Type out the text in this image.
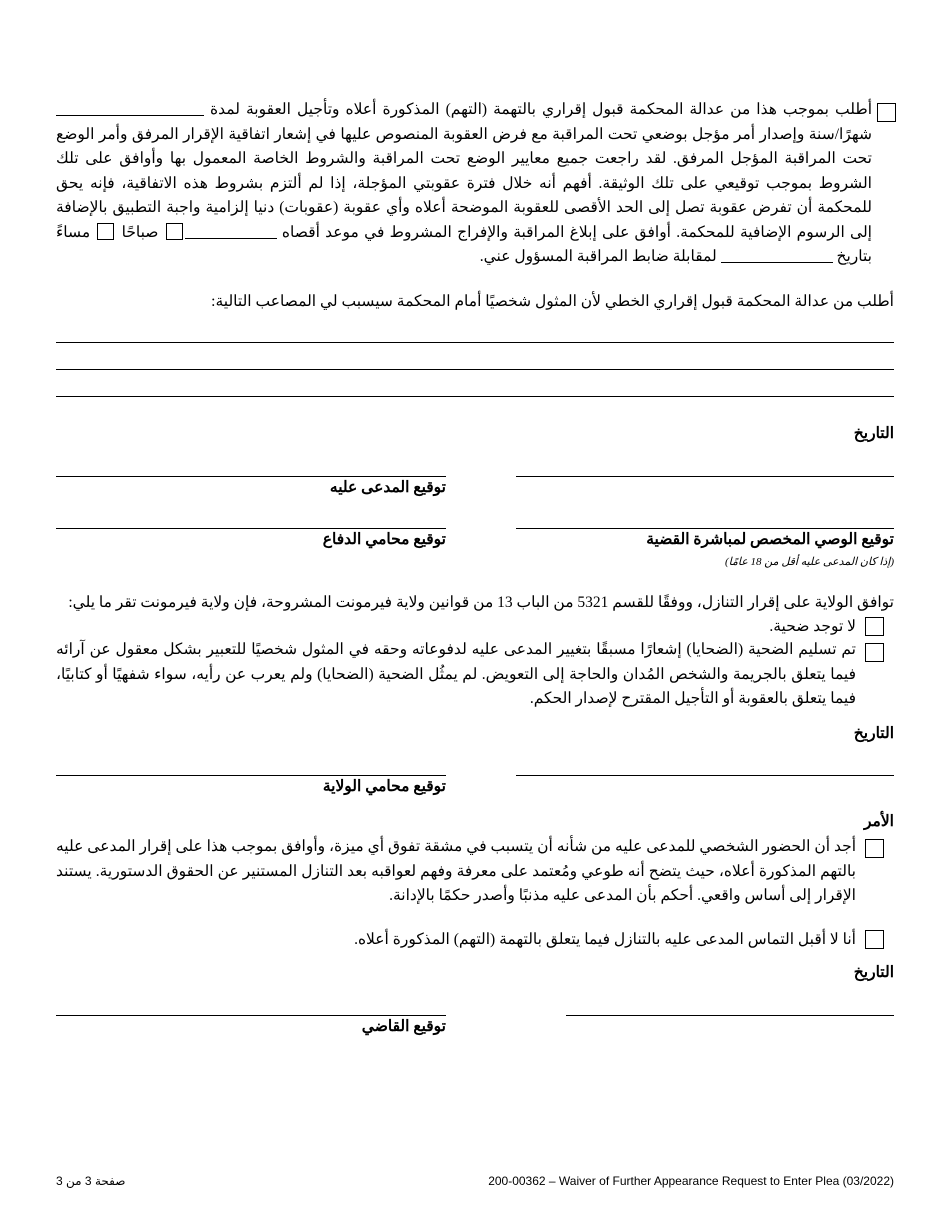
أطلب بموجب هذا من عدالة المحكمة قبول إقراري بالتهمة (التهم) المذكورة أعلاه وتأجيل العقوبة لمدة  شهرًا/سنة وإصدار أمر مؤجل بوضعي تحت المراقبة مع فرض العقوبة المنصوص عليها في إشعار اتفاقية الإقرار المرفق وأمر الوضع تحت المراقبة المؤجل المرفق. لقد راجعت جميع معايير الوضع تحت المراقبة والشروط الخاصة المعمول بها وأوافق على تلك الشروط بموجب توقيعي على تلك الوثيقة. أفهم أنه خلال فترة عقوبتي المؤجلة، إذا لم ألتزم بشروط هذه الاتفاقية، فإنه يحق للمحكمة أن تفرض عقوبة تصل إلى الحد الأقصى للعقوبة الموضحة أعلاه وأي عقوبة (عقوبات) دنيا إلزامية واجبة التطبيق بالإضافة إلى الرسوم الإضافية للمحكمة. أوافق على إبلاغ المراقبة والإفراج المشروط في موعد أقصاه  صباحًا  مساءً بتاريخ  لمقابلة ضابط المراقبة المسؤول عني.
أطلب من عدالة المحكمة قبول إقراري الخطي لأن المثول شخصيًا أمام المحكمة سيسبب لي المصاعب التالية:
التاريخ
توقيع المدعى عليه
توقيع محامي الدفاع	توقيع الوصي المخصص لمباشرة القضية
(إذا كان المدعى عليه أقل من 18 عامًا)
توافق الولاية على إقرار التنازل، ووفقًا للقسم 5321 من الباب 13 من قوانين ولاية فيرمونت المشروحة، فإن ولاية فيرمونت تقر ما يلي:
لا توجد ضحية.
تم تسليم الضحية (الضحايا) إشعارًا مسبقًا بتغيير المدعى عليه لدفوعاته وحقه في المثول شخصيًا للتعبير بشكل معقول عن آرائه فيما يتعلق بالجريمة والشخص المُدان والحاجة إلى التعويض. لم يمثُل الضحية (الضحايا) ولم يعرب عن رأيه، سواء شفهيًا أو كتابيًا، فيما يتعلق بالعقوبة أو التأجيل المقترح لإصدار الحكم.
التاريخ
توقيع محامي الولاية
الأمر
أجد أن الحضور الشخصي للمدعى عليه من شأنه أن يتسبب في مشقة تفوق أي ميزة، وأوافق بموجب هذا على إقرار المدعى عليه بالتهم المذكورة أعلاه، حيث يتضح أنه طوعي ومُعتمد على معرفة وفهم لعواقبه بعد التنازل المستنير عن الحقوق الدستورية. يستند الإقرار إلى أساس واقعي. أحكم بأن المدعى عليه مذنبًا وأصدر حكمًا بالإدانة.
أنا لا أقبل التماس المدعى عليه بالتنازل فيما يتعلق بالتهمة (التهم) المذكورة أعلاه.
التاريخ
توقيع القاضي
200-00362 – Waiver of Further Appearance Request to Enter Plea (03/2022)
صفحة 3 من 3
